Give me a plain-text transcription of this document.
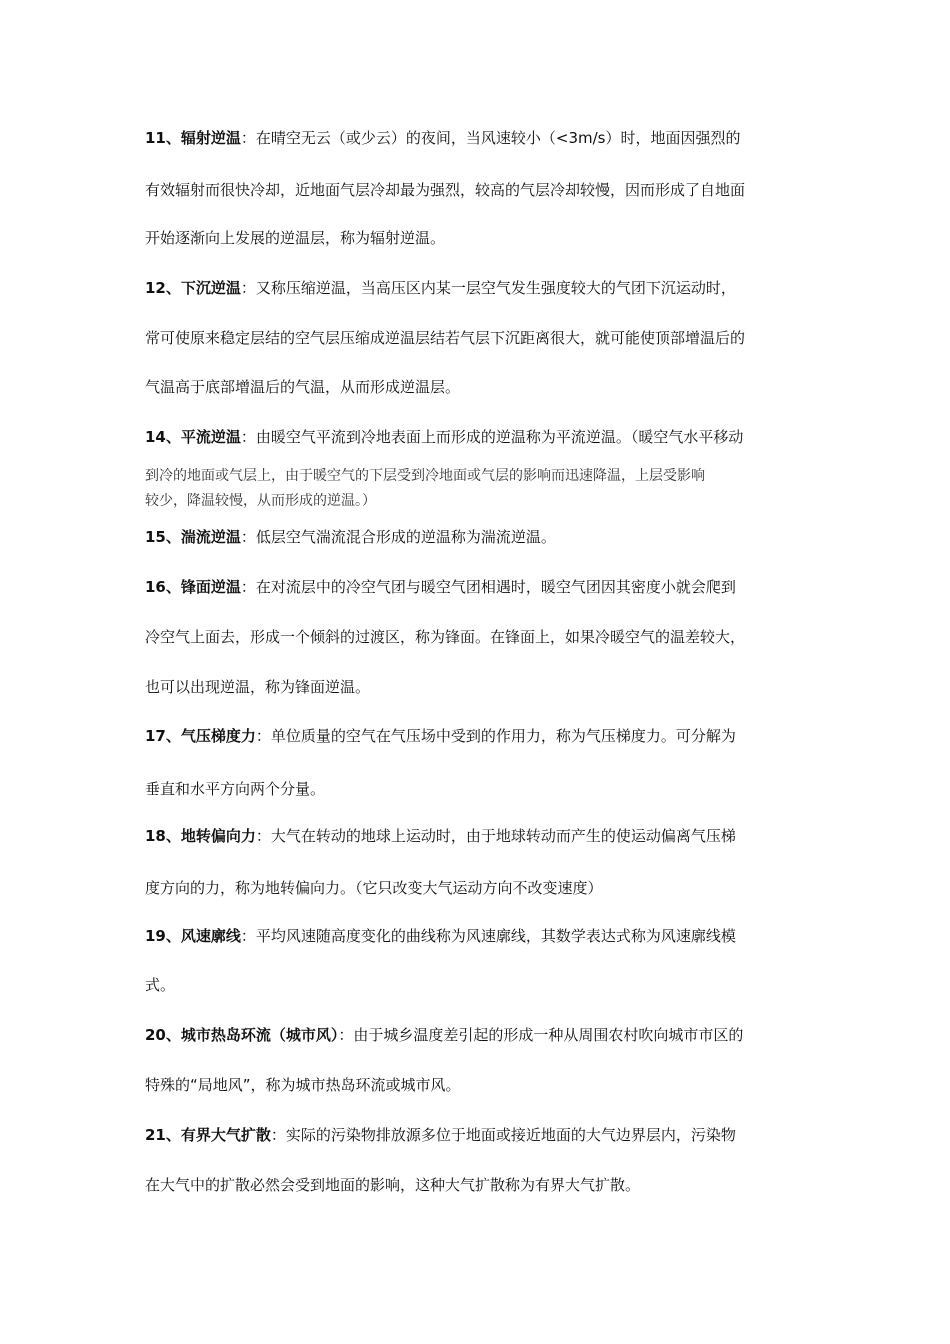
11、辐射逆温：在晴空无云（或少云）的夜间，当风速较小（<3m/s）时，地面因强烈的
有效辐射而很快冷却，近地面气层冷却最为强烈，较高的气层冷却较慢，因而形成了自地面
开始逐渐向上发展的逆温层，称为辐射逆温。
12、下沉逆温：又称压缩逆温，当高压区内某一层空气发生强度较大的气团下沉运动时，
常可使原来稳定层结的空气层压缩成逆温层结若气层下沉距离很大，就可能使顶部增温后的
气温高于底部增温后的气温，从而形成逆温层。
14、平流逆温：由暖空气平流到冷地表面上而形成的逆温称为平流逆温。（暖空气水平移动
到冷的地面或气层上，由于暖空气的下层受到冷地面或气层的影响而迅速降温，上层受影响
较少，降温较慢，从而形成的逆温。）
15、湍流逆温：低层空气湍流混合形成的逆温称为湍流逆温。
16、锋面逆温：在对流层中的冷空气团与暖空气团相遇时，暖空气团因其密度小就会爬到
冷空气上面去，形成一个倾斜的过渡区，称为锋面。在锋面上，如果冷暖空气的温差较大，
也可以出现逆温，称为锋面逆温。
17、气压梯度力：单位质量的空气在气压场中受到的作用力，称为气压梯度力。可分解为
垂直和水平方向两个分量。
18、地转偏向力：大气在转动的地球上运动时，由于地球转动而产生的使运动偏离气压梯
度方向的力，称为地转偏向力。（它只改变大气运动方向不改变速度）
19、风速廓线：平均风速随高度变化的曲线称为风速廓线，其数学表达式称为风速廓线模
式。
20、城市热岛环流（城市风）：由于城乡温度差引起的形成一种从周围农村吹向城市市区的
特殊的“局地风”，称为城市热岛环流或城市风。
21、有界大气扩散：实际的污染物排放源多位于地面或接近地面的大气边界层内，污染物
在大气中的扩散必然会受到地面的影响，这种大气扩散称为有界大气扩散。
